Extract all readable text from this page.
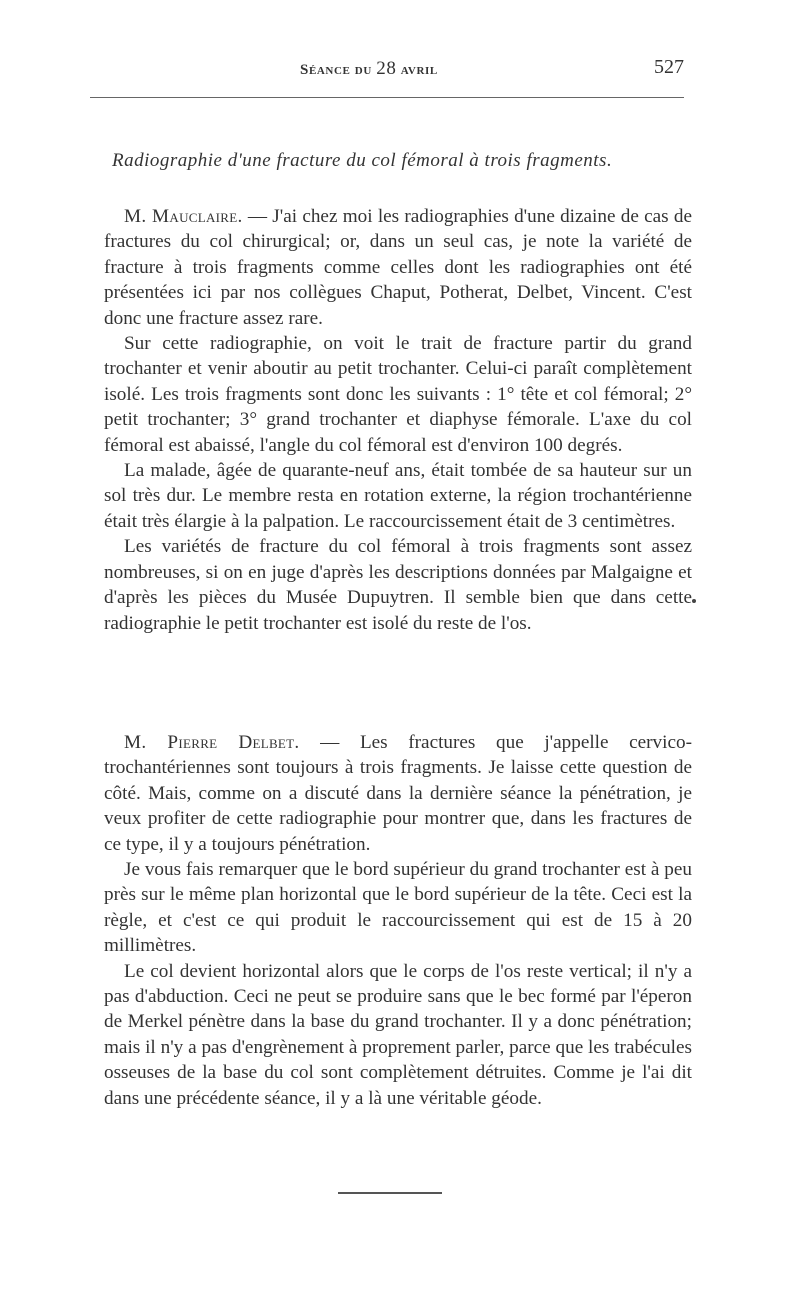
Séance du 28 avril	527
Radiographie d'une fracture du col fémoral à trois fragments.

M. Mauclaire. — J'ai chez moi les radiographies d'une dizaine de cas de fractures du col chirurgical; or, dans un seul cas, je note la variété de fracture à trois fragments comme celles dont les radiographies ont été présentées ici par nos collègues Chaput, Potherat, Delbet, Vincent. C'est donc une fracture assez rare.

Sur cette radiographie, on voit le trait de fracture partir du grand trochanter et venir aboutir au petit trochanter. Celui-ci paraît complètement isolé. Les trois fragments sont donc les suivants : 1° tête et col fémoral; 2° petit trochanter; 3° grand trochanter et diaphyse fémorale. L'axe du col fémoral est abaissé, l'angle du col fémoral est d'environ 100 degrés.

La malade, âgée de quarante-neuf ans, était tombée de sa hauteur sur un sol très dur. Le membre resta en rotation externe, la région trochantérienne était très élargie à la palpation. Le raccourcissement était de 3 centimètres.

Les variétés de fracture du col fémoral à trois fragments sont assez nombreuses, si on en juge d'après les descriptions données par Malgaigne et d'après les pièces du Musée Dupuytren. Il semble bien que dans cette radiographie le petit trochanter est isolé du reste de l'os.

M. Pierre Delbet. — Les fractures que j'appelle cervico-trochantériennes sont toujours à trois fragments. Je laisse cette question de côté. Mais, comme on a discuté dans la dernière séance la pénétration, je veux profiter de cette radiographie pour montrer que, dans les fractures de ce type, il y a toujours pénétration.

Je vous fais remarquer que le bord supérieur du grand trochanter est à peu près sur le même plan horizontal que le bord supérieur de la tête. Ceci est la règle, et c'est ce qui produit le raccourcissement qui est de 15 à 20 millimètres.

Le col devient horizontal alors que le corps de l'os reste vertical; il n'y a pas d'abduction. Ceci ne peut se produire sans que le bec formé par l'éperon de Merkel pénètre dans la base du grand trochanter. Il y a donc pénétration; mais il n'y a pas d'engrènement à proprement parler, parce que les trabécules osseuses de la base du col sont complètement détruites. Comme je l'ai dit dans une précédente séance, il y a là une véritable géode.
